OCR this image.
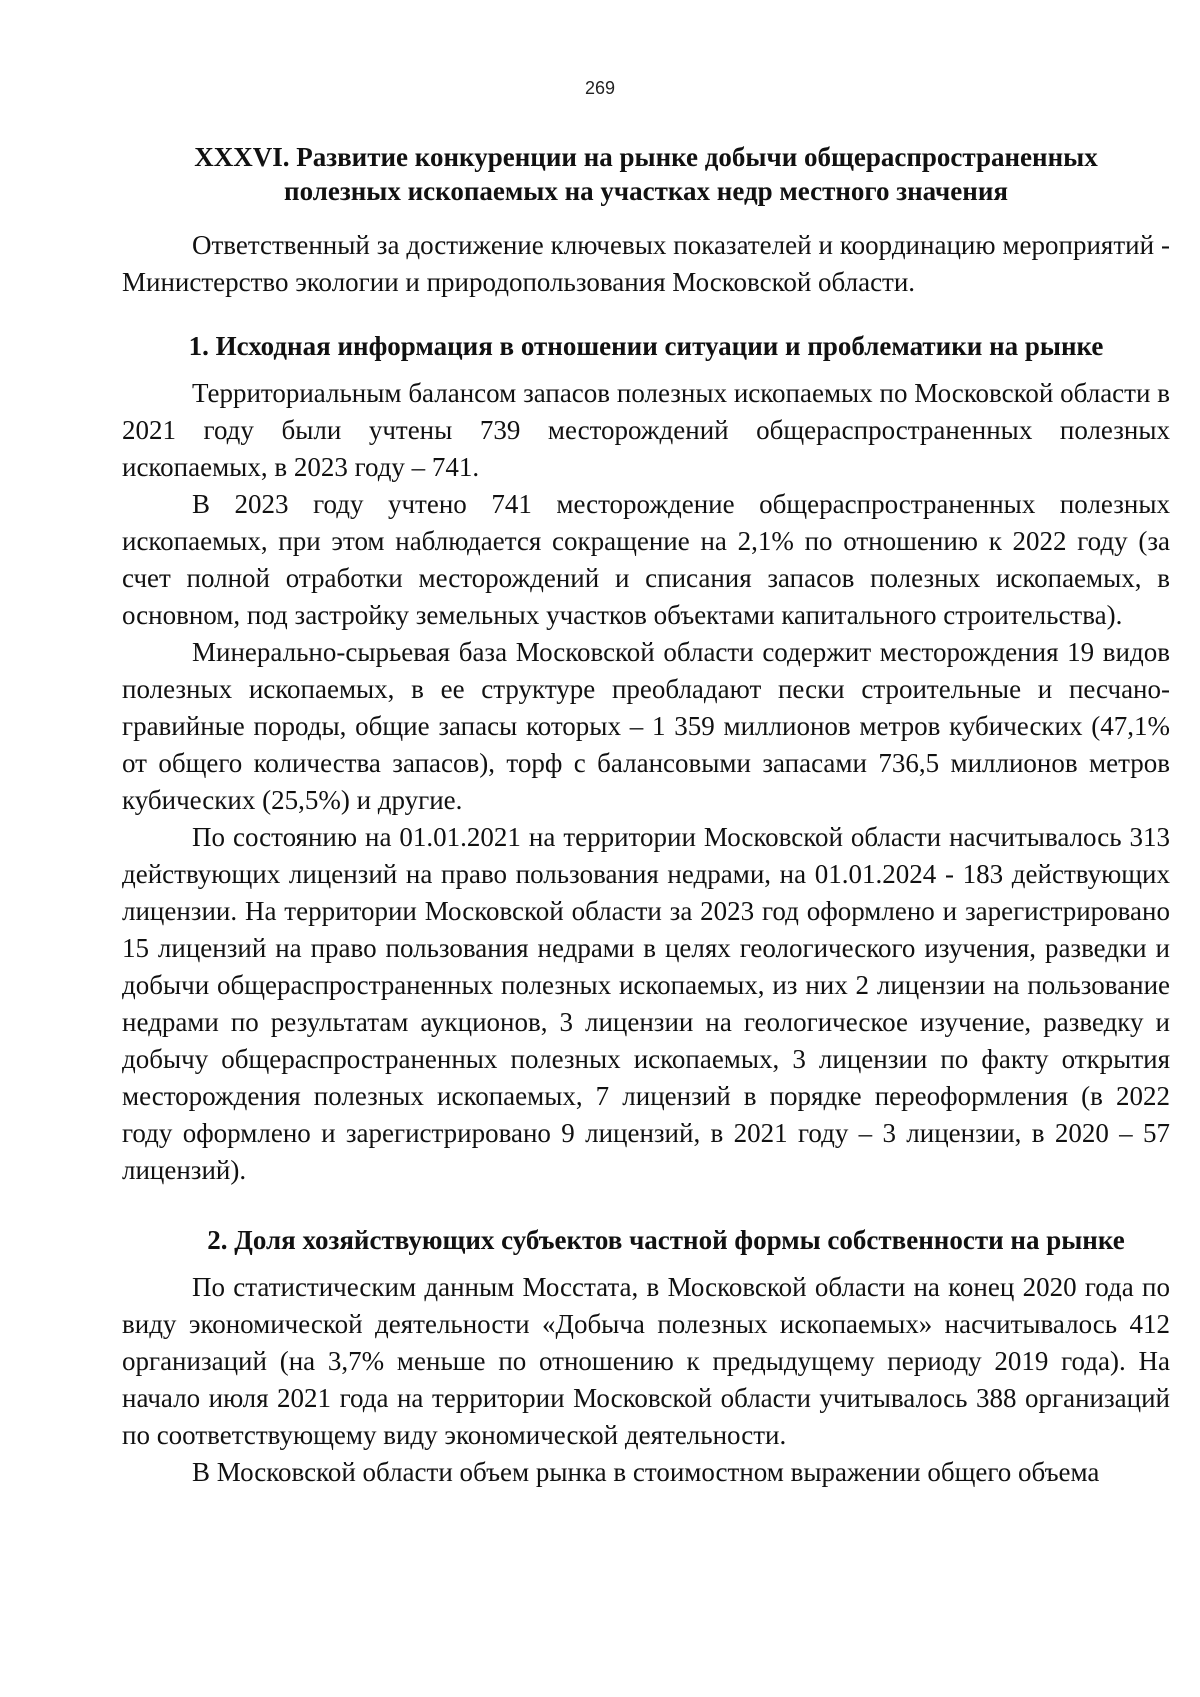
269
XXXVI. Развитие конкуренции на рынке добычи общераспространенных
полезных ископаемых на участках недр местного значения

Ответственный за достижение ключевых показателей и координацию мероприятий - Министерство экологии и природопользования Московской области.

1. Исходная информация в отношении ситуации и проблематики на рынке

Территориальным балансом запасов полезных ископаемых по Московской области в 2021 году были учтены 739 месторождений общераспространенных полезных ископаемых, в 2023 году – 741.

В 2023 году учтено 741 месторождение общераспространенных полезных ископаемых, при этом наблюдается сокращение на 2,1% по отношению к 2022 году (за счет полной отработки месторождений и списания запасов полезных ископаемых, в основном, под застройку земельных участков объектами капитального строительства).

Минерально-сырьевая база Московской области содержит месторождения 19 видов полезных ископаемых, в ее структуре преобладают пески строительные и песчано-гравийные породы, общие запасы которых – 1 359 миллионов метров кубических (47,1% от общего количества запасов), торф с балансовыми запасами 736,5 миллионов метров кубических (25,5%) и другие.

По состоянию на 01.01.2021 на территории Московской области насчитывалось 313 действующих лицензий на право пользования недрами, на 01.01.2024 - 183 действующих лицензии. На территории Московской области за 2023 год оформлено и зарегистрировано 15 лицензий на право пользования недрами в целях геологического изучения, разведки и добычи общераспространенных полезных ископаемых, из них 2 лицензии на пользование недрами по результатам аукционов, 3 лицензии на геологическое изучение, разведку и добычу общераспространенных полезных ископаемых, 3 лицензии по факту открытия месторождения полезных ископаемых, 7 лицензий в порядке переоформления (в 2022 году оформлено и зарегистрировано 9 лицензий, в 2021 году – 3 лицензии, в 2020 – 57 лицензий).

2. Доля хозяйствующих субъектов частной формы собственности на рынке

По статистическим данным Мосстата, в Московской области на конец 2020 года по виду экономической деятельности «Добыча полезных ископаемых» насчитывалось 412 организаций (на 3,7% меньше по отношению к предыдущему периоду 2019 года). На начало июля 2021 года на территории Московской области учитывалось 388 организаций по соответствующему виду экономической деятельности.

В Московской области объем рынка в стоимостном выражении общего объема
